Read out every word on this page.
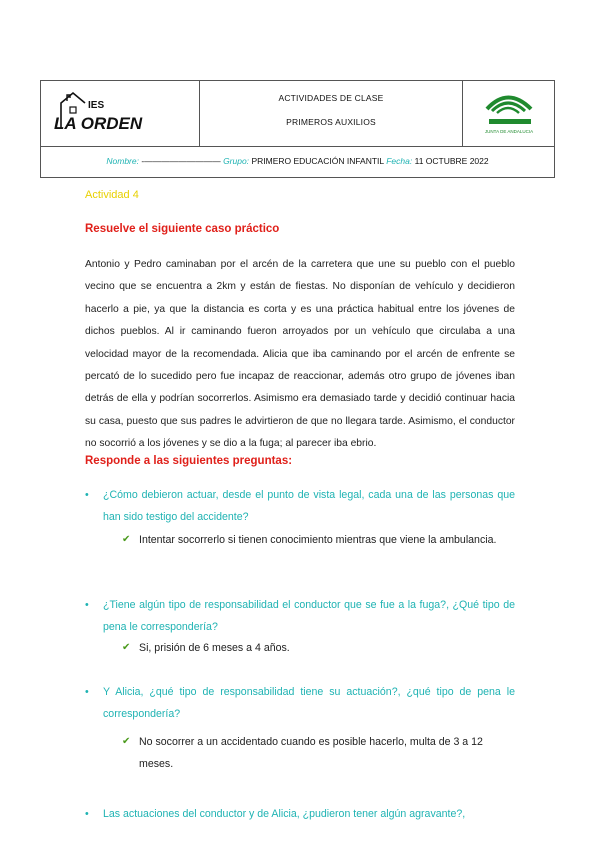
IES
LA ORDEN
ACTIVIDADES DE CLASE
PRIMEROS AUXILIOS
JUNTA DE ANDALUCIA
Nombre: -————————— Grupo: PRIMERO EDUCACIÓN INFANTIL Fecha: 11 OCTUBRE 2022
Actividad 4
Resuelve el siguiente caso práctico
Antonio y Pedro caminaban por el arcén de la carretera que une su pueblo con el pueblo vecino que se encuentra a 2km y están de fiestas. No disponían de vehículo y decidieron hacerlo a pie, ya que la distancia es corta y es una práctica habitual entre los jóvenes de dichos pueblos. Al ir caminando fueron arroyados por un vehículo que circulaba a una velocidad mayor de la recomendada. Alicia que iba caminando por el arcén de enfrente se percató de lo sucedido pero fue incapaz de reaccionar, además otro grupo de jóvenes iban detrás de ella y podrían socorrerlos. Asimismo era demasiado tarde y decidió continuar hacia su casa, puesto que sus padres le advirtieron de que no llegara tarde. Asimismo, el conductor no socorrió a los jóvenes y se dio a la fuga; al parecer iba ebrio.
Responde a las siguientes preguntas:
•	¿Cómo debieron actuar, desde el punto de vista legal, cada una de las personas que han sido testigo del accidente?
✔ Intentar socorrerlo si tienen conocimiento mientras que viene la ambulancia.
•	¿Tiene algún tipo de responsabilidad el conductor que se fue a la fuga?, ¿Qué tipo de pena le correspondería?
✔ Si, prisión de 6 meses a 4 años.
•	Y Alicia, ¿qué tipo de responsabilidad tiene su actuación?, ¿qué tipo de pena le correspondería?
✔ No socorrer a un accidentado cuando es posible hacerlo, multa de 3 a 12 meses.
•	Las actuaciones del conductor y de Alicia, ¿pudieron tener algún agravante?,
